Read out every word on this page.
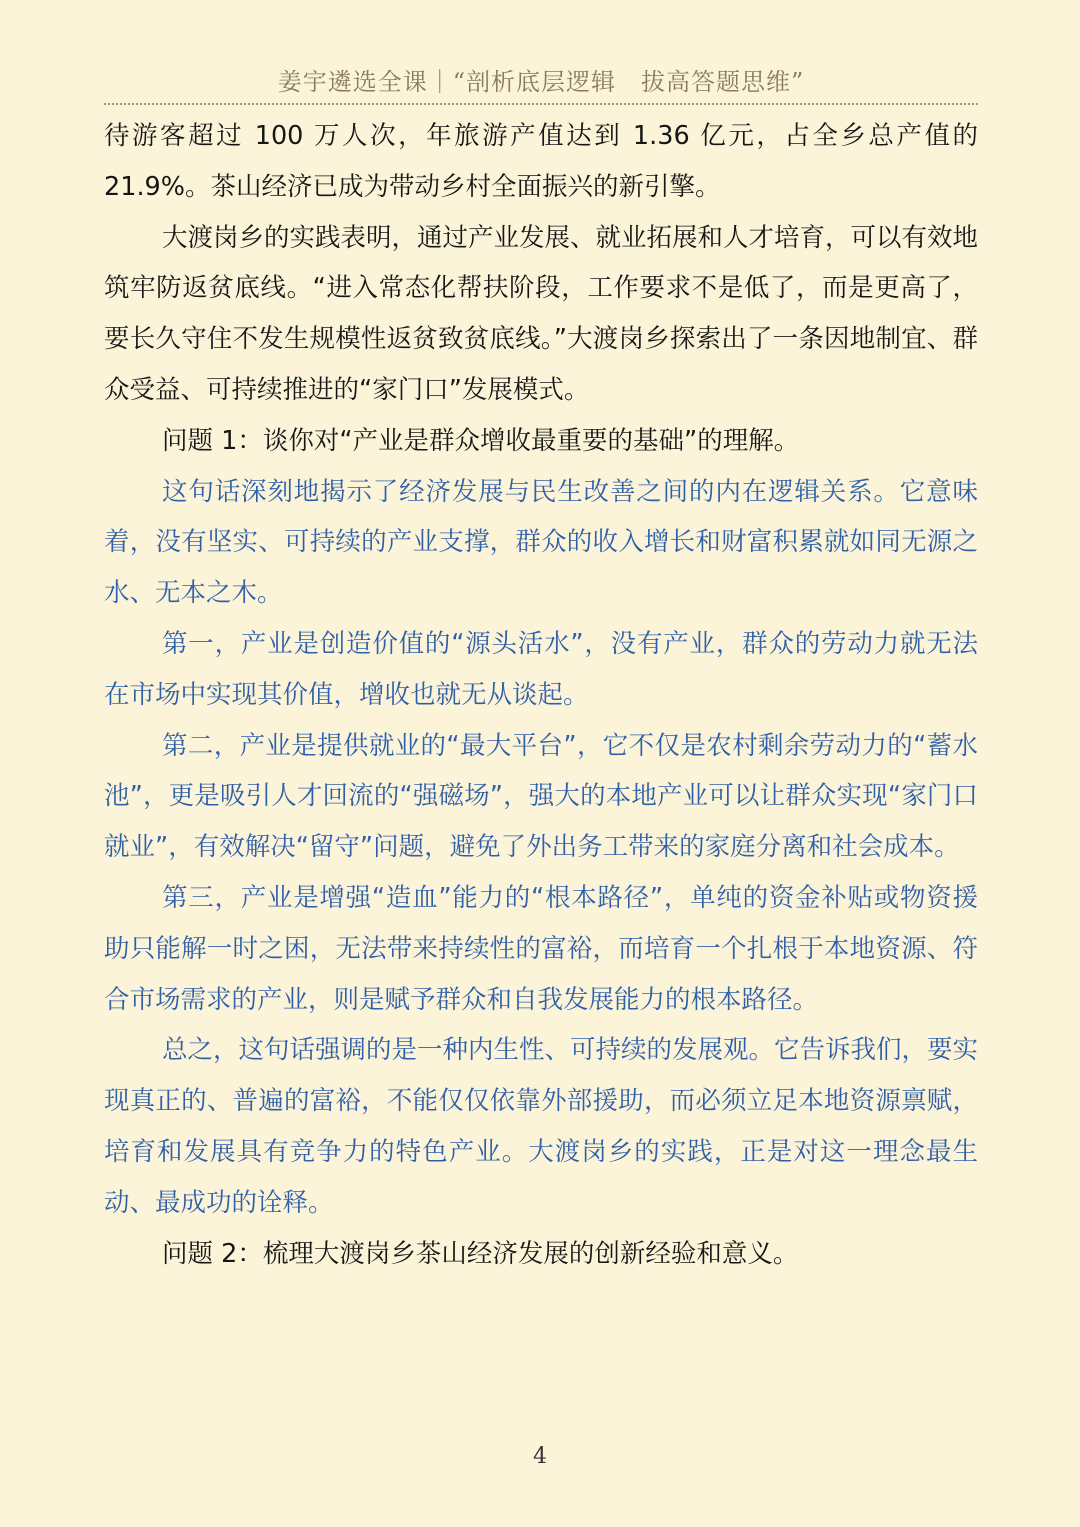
姜宇遴选全课｜“剖析底层逻辑　拔高答题思维”

待游客超过 100 万人次，年旅游产值达到 1.36 亿元，占全乡总产值的 21.9%。茶山经济已成为带动乡村全面振兴的新引擎。

大渡岗乡的实践表明，通过产业发展、就业拓展和人才培育，可以有效地筑牢防返贫底线。“进入常态化帮扶阶段，工作要求不是低了，而是更高了，要长久守住不发生规模性返贫致贫底线。”大渡岗乡探索出了一条因地制宜、群众受益、可持续推进的“家门口”发展模式。

问题 1：谈你对“产业是群众增收最重要的基础”的理解。

这句话深刻地揭示了经济发展与民生改善之间的内在逻辑关系。它意味着，没有坚实、可持续的产业支撑，群众的收入增长和财富积累就如同无源之水、无本之木。

第一，产业是创造价值的“源头活水”，没有产业，群众的劳动力就无法在市场中实现其价值，增收也就无从谈起。

第二，产业是提供就业的“最大平台”，它不仅是农村剩余劳动力的“蓄水池”，更是吸引人才回流的“强磁场”，强大的本地产业可以让群众实现“家门口就业”，有效解决“留守”问题，避免了外出务工带来的家庭分离和社会成本。

第三，产业是增强“造血”能力的“根本路径”，单纯的资金补贴或物资援助只能解一时之困，无法带来持续性的富裕，而培育一个扎根于本地资源、符合市场需求的产业，则是赋予群众和自我发展能力的根本路径。

总之，这句话强调的是一种内生性、可持续的发展观。它告诉我们，要实现真正的、普遍的富裕，不能仅仅依靠外部援助，而必须立足本地资源禀赋，培育和发展具有竞争力的特色产业。大渡岗乡的实践，正是对这一理念最生动、最成功的诠释。

问题 2：梳理大渡岗乡茶山经济发展的创新经验和意义。

4
